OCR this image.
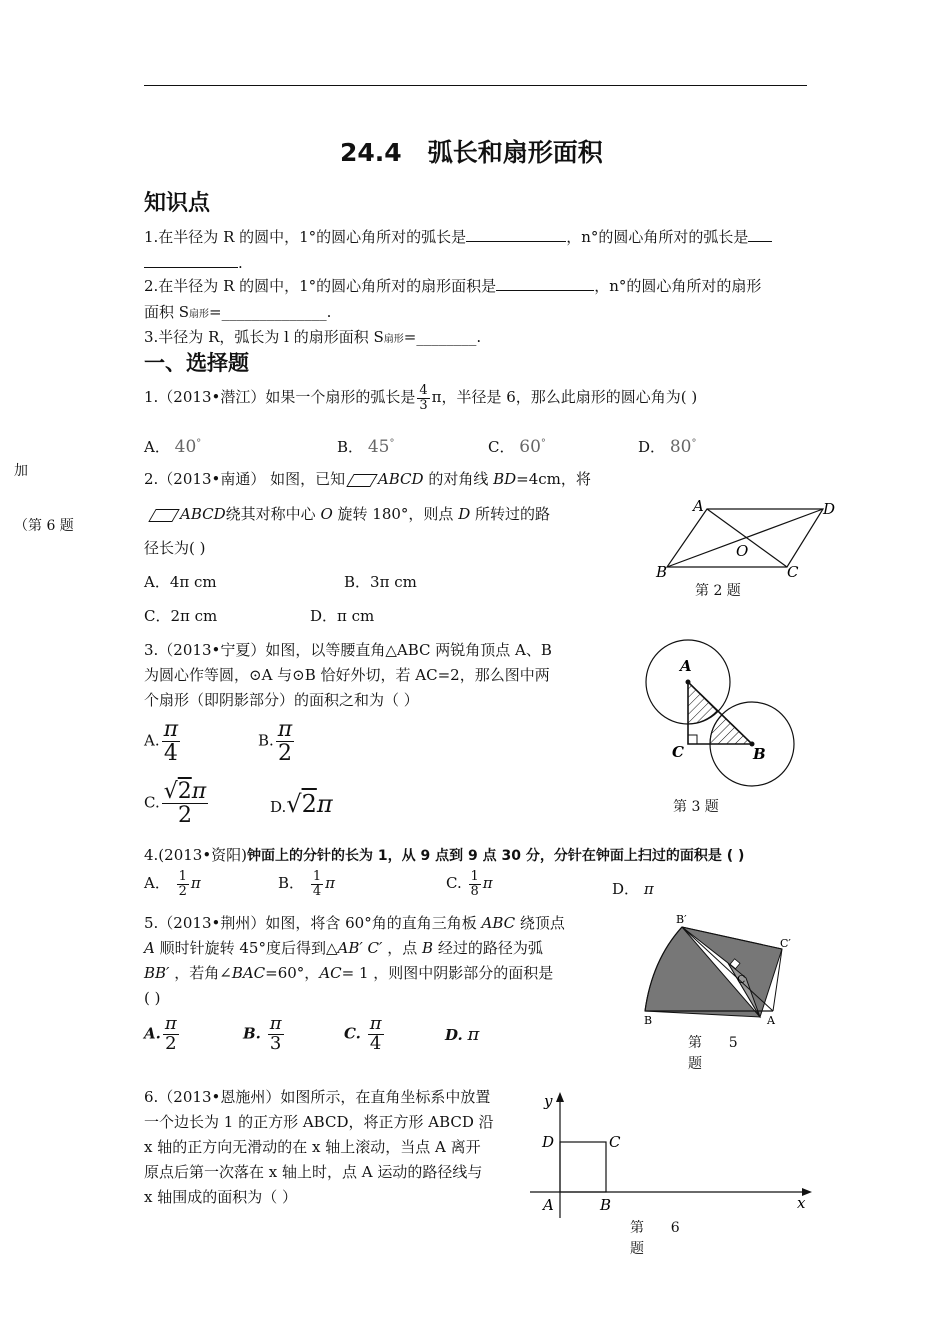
24.4   弧长和扇形面积
知识点
1.在半径为 R 的圆中，1°的圆心角所对的弧长是	，n°的圆心角所对的弧长是
.
2.在半径为 R 的圆中，1°的圆心角所对的扇形面积是	，n°的圆心角所对的扇形
面积 S扇形=______________.
3.半径为 R，弧长为 l 的扇形面积 S扇形=________.
一、选择题
加
（第 6 题
1.（2013•潜江）如果一个扇形的弧长是 $\frac{4}{3}$ π，半径是 6，那么此扇形的圆心角为( )
A． 40°	B． 45°	C． 60°	D． 80°
2.（2013•南通） 如图，已知 ABCD 的对角线 BD=4cm，将
ABCD绕其对称中心 O 旋转 180°，则点 D 所转过的路
径长为( )
A．4π cm	B．3π cm
C．2π cm	D．π cm
A	D
O
B	C
第 2 题
3.（2013•宁夏）如图，以等腰直角△ABC 两锐角顶点 A、B
为圆心作等圆，⊙A 与⊙B 恰好外切，若 AC=2，那么图中两
个扇形（即阴影部分）的面积之和为（ ）
A. $\frac{\pi}{4}$	B. $\frac{\pi}{2}$
C. $\frac{√2\pi}{2}$	D.√2π
A
C	B
第 3 题
4.(2013•资阳)钟面上的分针的长为 1，从 9 点到 9 点 30 分，分针在钟面上扫过的面积是 ( )
A． $\frac{1}{2}$ π	B． $\frac{1}{4}$ π	C. $\frac{1}{8}$ π	D． π
5.（2013•荆州）如图，将含 60°角的直角三角板 ABC 绕顶点
A 顺时针旋转 45°度后得到△AB′ C′ ，点 B 经过的路径为弧
BB′ ，若角∠BAC=60°，AC= 1 ，则图中阴影部分的面积是
( )
A. $\frac{\pi}{2}$	B. $\frac{\pi}{3}$	C. $\frac{\pi}{4}$	D. π
B′
C′
C
B	A
第      5
题
6.（2013•恩施州）如图所示，在直角坐标系中放置
一个边长为 1 的正方形 ABCD，将正方形 ABCD 沿
x 轴的正方向无滑动的在 x 轴上滚动，当点 A 离开
原点后第一次落在 x 轴上时，点 A 运动的路径线与
x 轴围成的面积为（ ）
y
x
D	C
A	B
第      6
题
